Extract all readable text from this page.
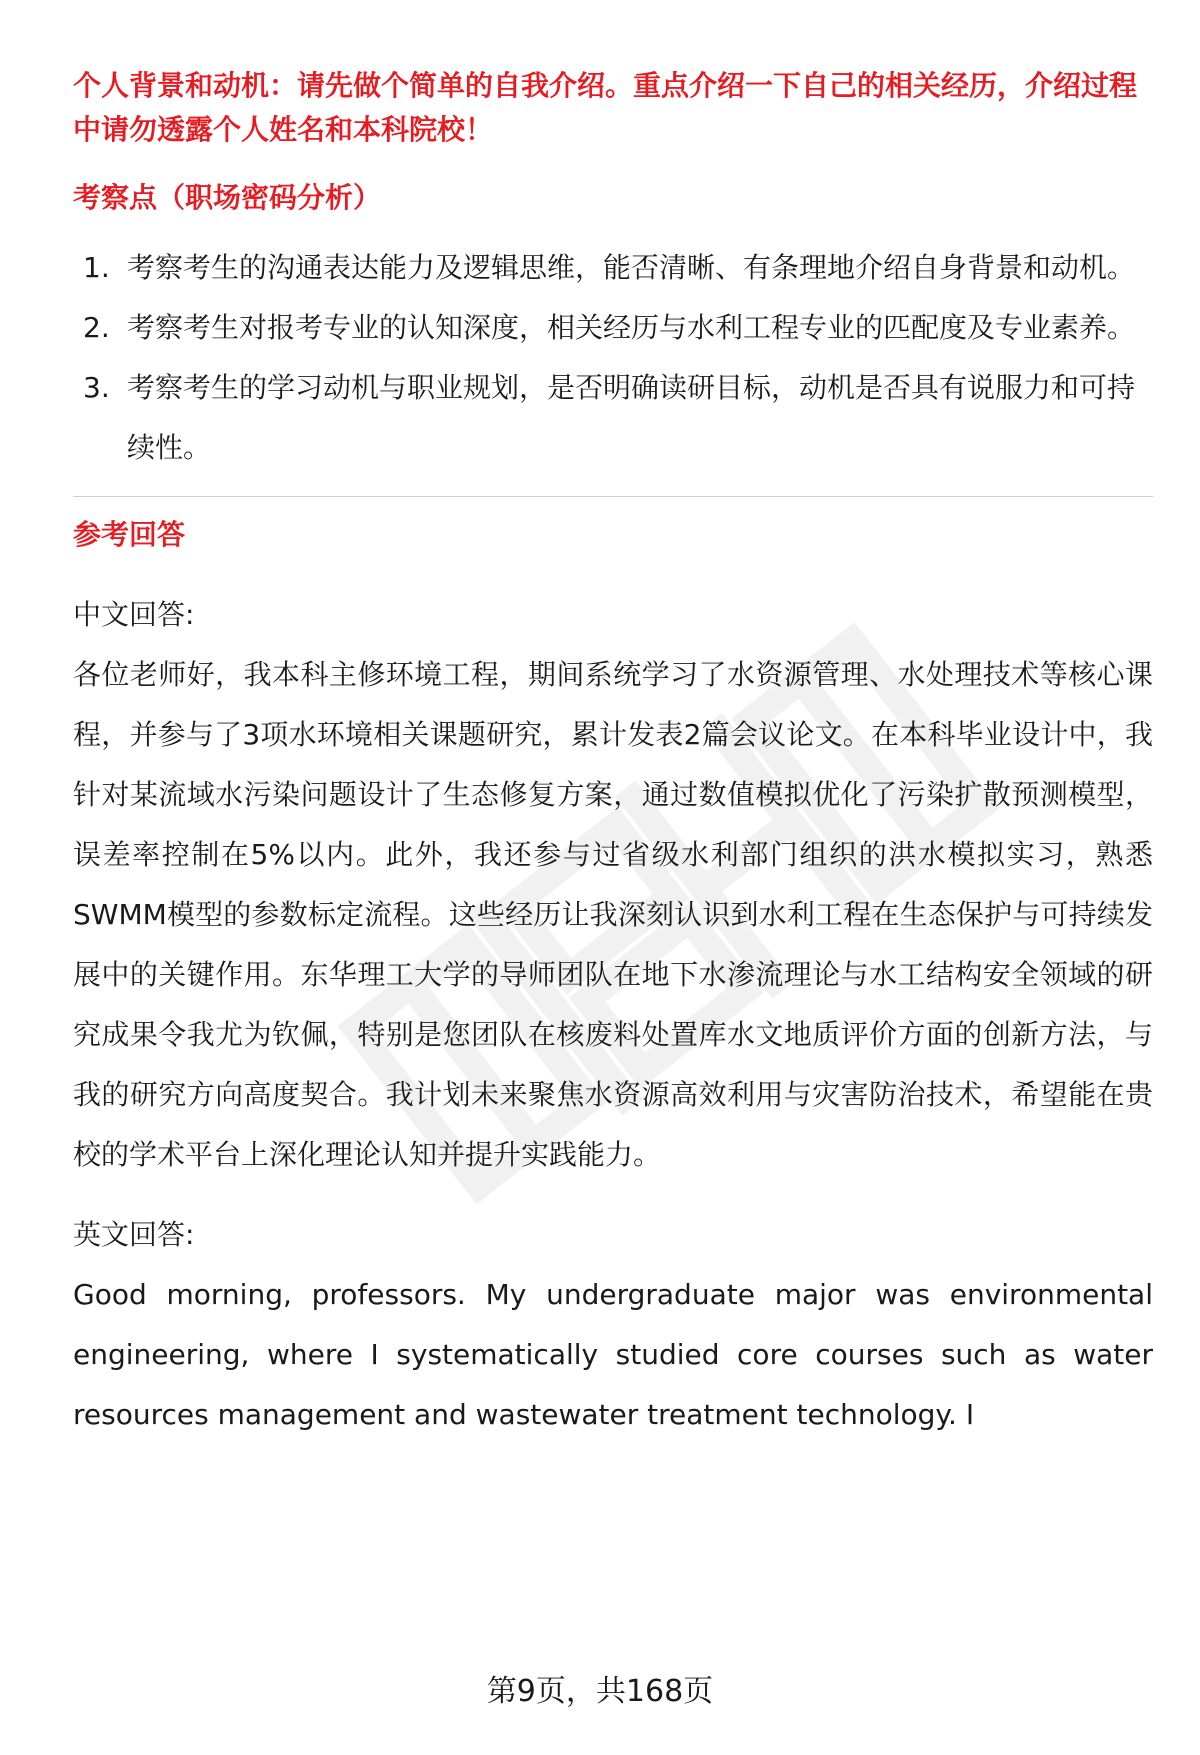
个人背景和动机：请先做个简单的自我介绍。重点介绍一下自己的相关经历，介绍过程中请勿透露个人姓名和本科院校！

考察点（职场密码分析）

1. 考察考生的沟通表达能力及逻辑思维，能否清晰、有条理地介绍自身背景和动机。
2. 考察考生对报考专业的认知深度，相关经历与水利工程专业的匹配度及专业素养。
3. 考察考生的学习动机与职业规划，是否明确读研目标，动机是否具有说服力和可持续性。

参考回答

中文回答:

各位老师好，我本科主修环境工程，期间系统学习了水资源管理、水处理技术等核心课程，并参与了3项水环境相关课题研究，累计发表2篇会议论文。在本科毕业设计中，我针对某流域水污染问题设计了生态修复方案，通过数值模拟优化了污染扩散预测模型，误差率控制在5%以内。此外，我还参与过省级水利部门组织的洪水模拟实习，熟悉SWMM模型的参数标定流程。这些经历让我深刻认识到水利工程在生态保护与可持续发展中的关键作用。东华理工大学的导师团队在地下水渗流理论与水工结构安全领域的研究成果令我尤为钦佩，特别是您团队在核废料处置库水文地质评价方面的创新方法，与我的研究方向高度契合。我计划未来聚焦水资源高效利用与灾害防治技术，希望能在贵校的学术平台上深化理论认知并提升实践能力。

英文回答:

Good morning, professors. My undergraduate major was environmental engineering, where I systematically studied core courses such as water resources management and wastewater treatment technology. I

第9页，共168页
